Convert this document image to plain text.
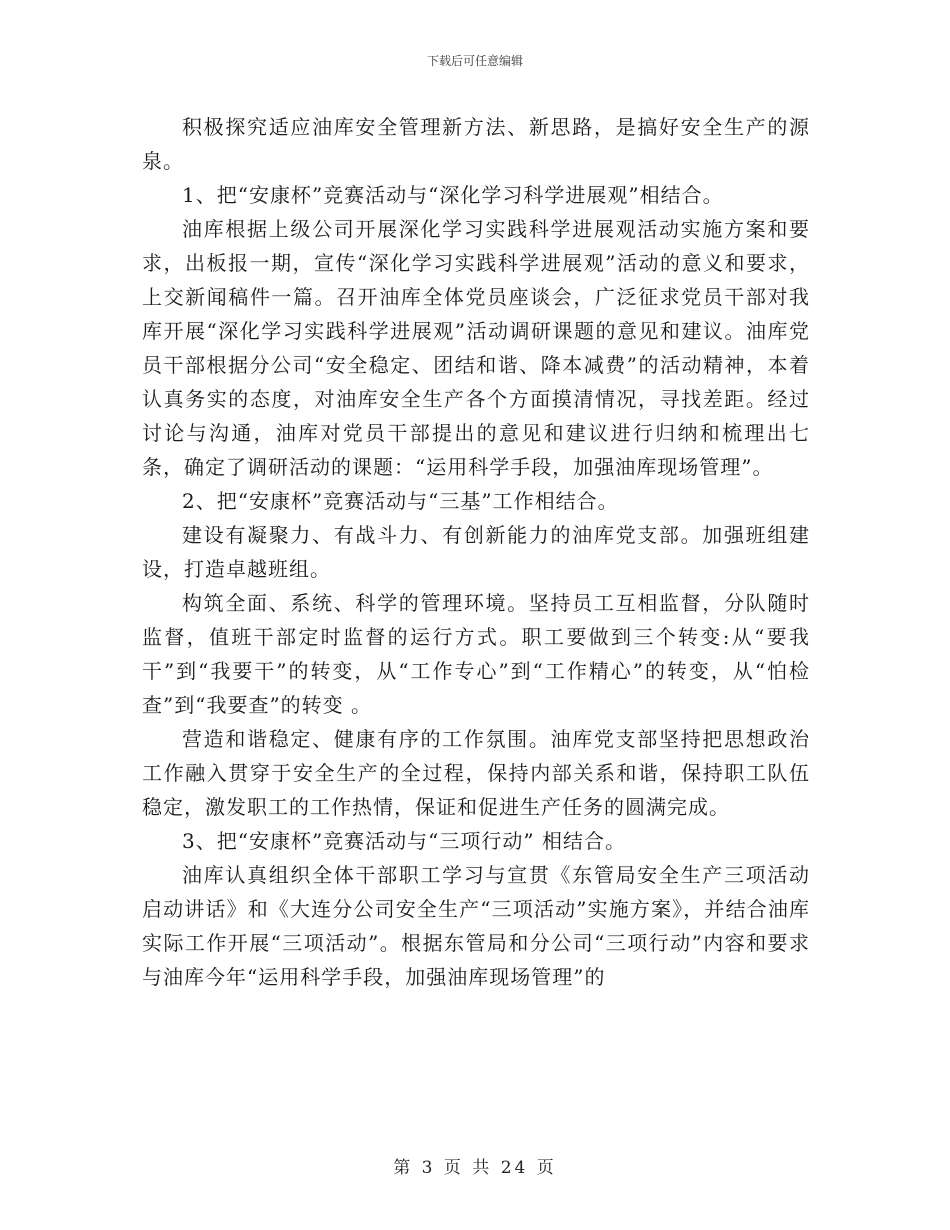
下载后可任意编辑

积极探究适应油库安全管理新方法、新思路，是搞好安全生产的源泉。

1、把“安康杯”竞赛活动与“深化学习科学进展观”相结合。

油库根据上级公司开展深化学习实践科学进展观活动实施方案和要求，出板报一期，宣传“深化学习实践科学进展观”活动的意义和要求，上交新闻稿件一篇。召开油库全体党员座谈会，广泛征求党员干部对我库开展“深化学习实践科学进展观”活动调研课题的意见和建议。油库党员干部根据分公司“安全稳定、团结和谐、降本减费”的活动精神，本着认真务实的态度，对油库安全生产各个方面摸清情况，寻找差距。经过讨论与沟通，油库对党员干部提出的意见和建议进行归纳和梳理出七条，确定了调研活动的课题：“运用科学手段，加强油库现场管理”。

2、把“安康杯”竞赛活动与“三基”工作相结合。

建设有凝聚力、有战斗力、有创新能力的油库党支部。加强班组建设，打造卓越班组。

构筑全面、系统、科学的管理环境。坚持员工互相监督，分队随时监督，值班干部定时监督的运行方式。职工要做到三个转变:从“要我干”到“我要干”的转变，从“工作专心”到“工作精心”的转变，从“怕检查”到“我要查”的转变 。

营造和谐稳定、健康有序的工作氛围。油库党支部坚持把思想政治工作融入贯穿于安全生产的全过程，保持内部关系和谐，保持职工队伍稳定，激发职工的工作热情，保证和促进生产任务的圆满完成。

3、把“安康杯”竞赛活动与“三项行动” 相结合。

油库认真组织全体干部职工学习与宣贯《东管局安全生产三项活动启动讲话》和《大连分公司安全生产“三项活动”实施方案》，并结合油库实际工作开展“三项活动”。根据东管局和分公司“三项行动”内容和要求与油库今年“运用科学手段，加强油库现场管理”的

第 3 页 共 24 页
